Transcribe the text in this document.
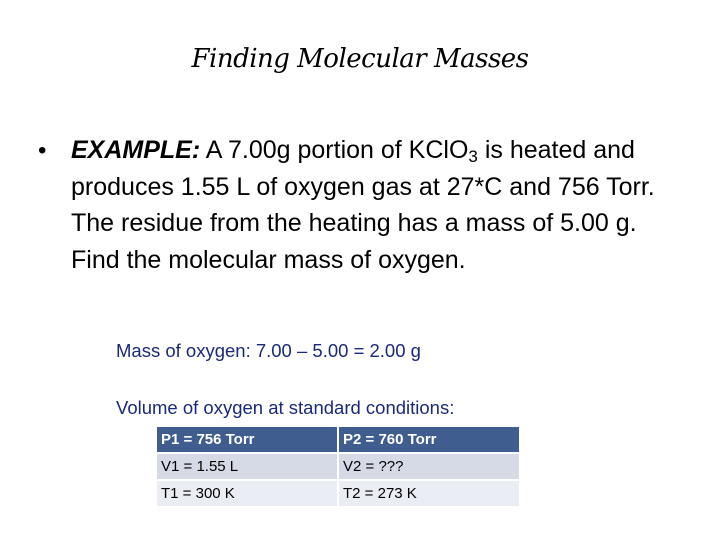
Finding Molecular Masses
• EXAMPLE: A 7.00g portion of KClO$_3$ is heated and produces 1.55 L of oxygen gas at 27*C and 756 Torr. The residue from the heating has a mass of 5.00 g. Find the molecular mass of oxygen.
Mass of oxygen: 7.00 – 5.00 = 2.00 g
Volume of oxygen at standard conditions:
P1 = 756 Torr	P2 = 760 Torr
V1 = 1.55 L	V2 = ???
T1 = 300 K	T2 = 273 K
